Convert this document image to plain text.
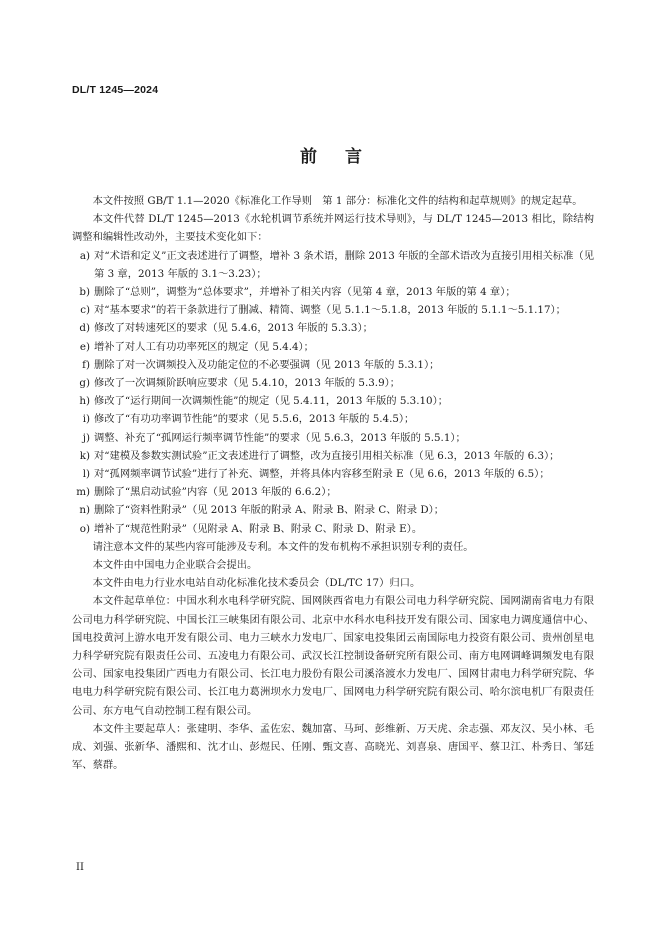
DL/T 1245—2024
前言

本文件按照 GB/T 1.1—2020《标准化工作导则　第 1 部分：标准化文件的结构和起草规则》的规定起草。

本文件代替 DL/T 1245—2013《水轮机调节系统并网运行技术导则》，与 DL/T 1245—2013 相比，除结构调整和编辑性改动外，主要技术变化如下：

a) 对“术语和定义”正文表述进行了调整，增补 3 条术语，删除 2013 年版的全部术语改为直接引用相关标准（见第 3 章，2013 年版的 3.1～3.23）；
b) 删除了“总则”，调整为“总体要求”，并增补了相关内容（见第 4 章，2013 年版的第 4 章）；
c) 对“基本要求”的若干条款进行了删减、精简、调整（见 5.1.1～5.1.8，2013 年版的 5.1.1～5.1.17）；
d) 修改了对转速死区的要求（见 5.4.6，2013 年版的 5.3.3）；
e) 增补了对人工有功功率死区的规定（见 5.4.4）；
f) 删除了对一次调频投入及功能定位的不必要强调（见 2013 年版的 5.3.1）；
g) 修改了一次调频阶跃响应要求（见 5.4.10，2013 年版的 5.3.9）；
h) 修改了“运行期间一次调频性能”的规定（见 5.4.11，2013 年版的 5.3.10）；
i) 修改了“有功功率调节性能”的要求（见 5.5.6，2013 年版的 5.4.5）；
j) 调整、补充了“孤网运行频率调节性能”的要求（见 5.6.3，2013 年版的 5.5.1）；
k) 对“建模及参数实测试验”正文表述进行了调整，改为直接引用相关标准（见 6.3，2013 年版的 6.3）；
l) 对“孤网频率调节试验”进行了补充、调整，并将具体内容移至附录 E（见 6.6，2013 年版的 6.5）；
m) 删除了“黑启动试验”内容（见 2013 年版的 6.6.2）；
n) 删除了“资料性附录”（见 2013 年版的附录 A、附录 B、附录 C、附录 D）；
o) 增补了“规范性附录”（见附录 A、附录 B、附录 C、附录 D、附录 E）。

请注意本文件的某些内容可能涉及专利。本文件的发布机构不承担识别专利的责任。

本文件由中国电力企业联合会提出。

本文件由电力行业水电站自动化标准化技术委员会（DL/TC 17）归口。

本文件起草单位：中国水利水电科学研究院、国网陕西省电力有限公司电力科学研究院、国网湖南省电力有限公司电力科学研究院、中国长江三峡集团有限公司、北京中水科水电科技开发有限公司、国家电力调度通信中心、国电投黄河上游水电开发有限公司、电力三峡水力发电厂、国家电投集团云南国际电力投资有限公司、贵州创星电力科学研究院有限责任公司、五凌电力有限公司、武汉长江控制设备研究所有限公司、南方电网调峰调频发电有限公司、国家电投集团广西电力有限公司、长江电力股份有限公司溪洛渡水力发电厂、国网甘肃电力科学研究院、华电电力科学研究院有限公司、长江电力葛洲坝水力发电厂、国网电力科学研究院有限公司、哈尔滨电机厂有限责任公司、东方电气自动控制工程有限公司。

本文件主要起草人：张建明、李华、孟佐宏、魏加富、马珂、彭维新、万天虎、余志强、邓友汉、吴小林、毛成、刘强、张新华、潘熙和、沈才山、彭煜民、任刚、甄文喜、高晓光、刘喜泉、唐国平、蔡卫江、朴秀日、邹廷军、蔡群。

II
